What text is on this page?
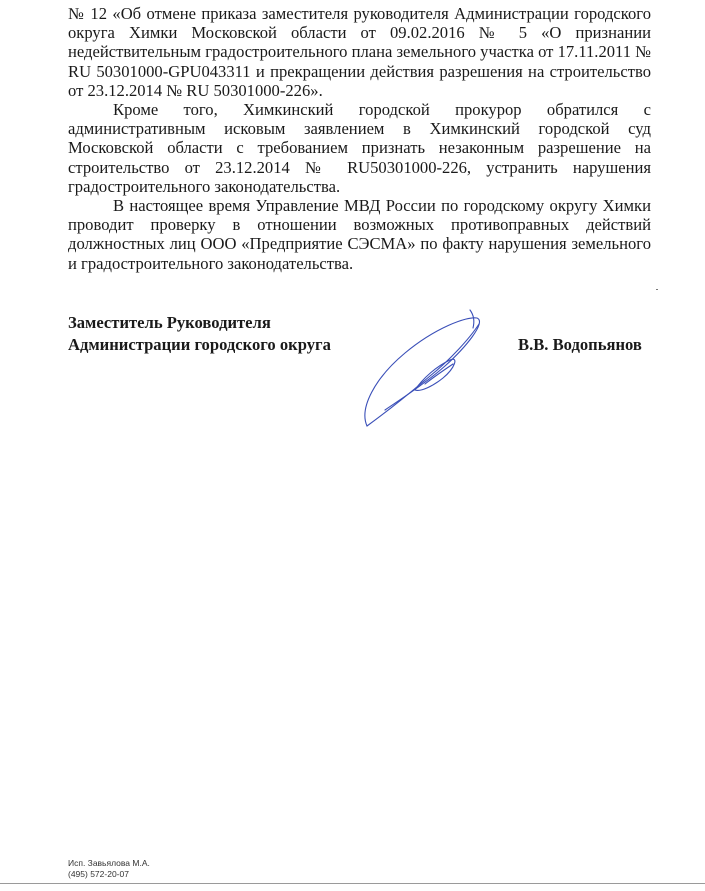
№ 12 «Об отмене приказа заместителя руководителя Администрации городского округа Химки Московской области от 09.02.2016 № 5 «О признании недействительным градостроительного плана земельного участка от 17.11.2011 № RU 50301000-GPU043311 и прекращении действия разрешения на строительство от 23.12.2014 № RU 50301000-226».

Кроме того, Химкинский городской прокурор обратился с административным исковым заявлением в Химкинский городской суд Московской области с требованием признать незаконным разрешение на строительство от 23.12.2014 № RU50301000-226, устранить нарушения градостроительного законодательства.

В настоящее время Управление МВД России по городскому округу Химки проводит проверку в отношении возможных противоправных действий должностных лиц ООО «Предприятие СЭСМА» по факту нарушения земельного и градостроительного законодательства.

Заместитель Руководителя
Администрации городского округа	В.В. Водопьянов
Исп. Завьялова М.А.
(495) 572-20-07
